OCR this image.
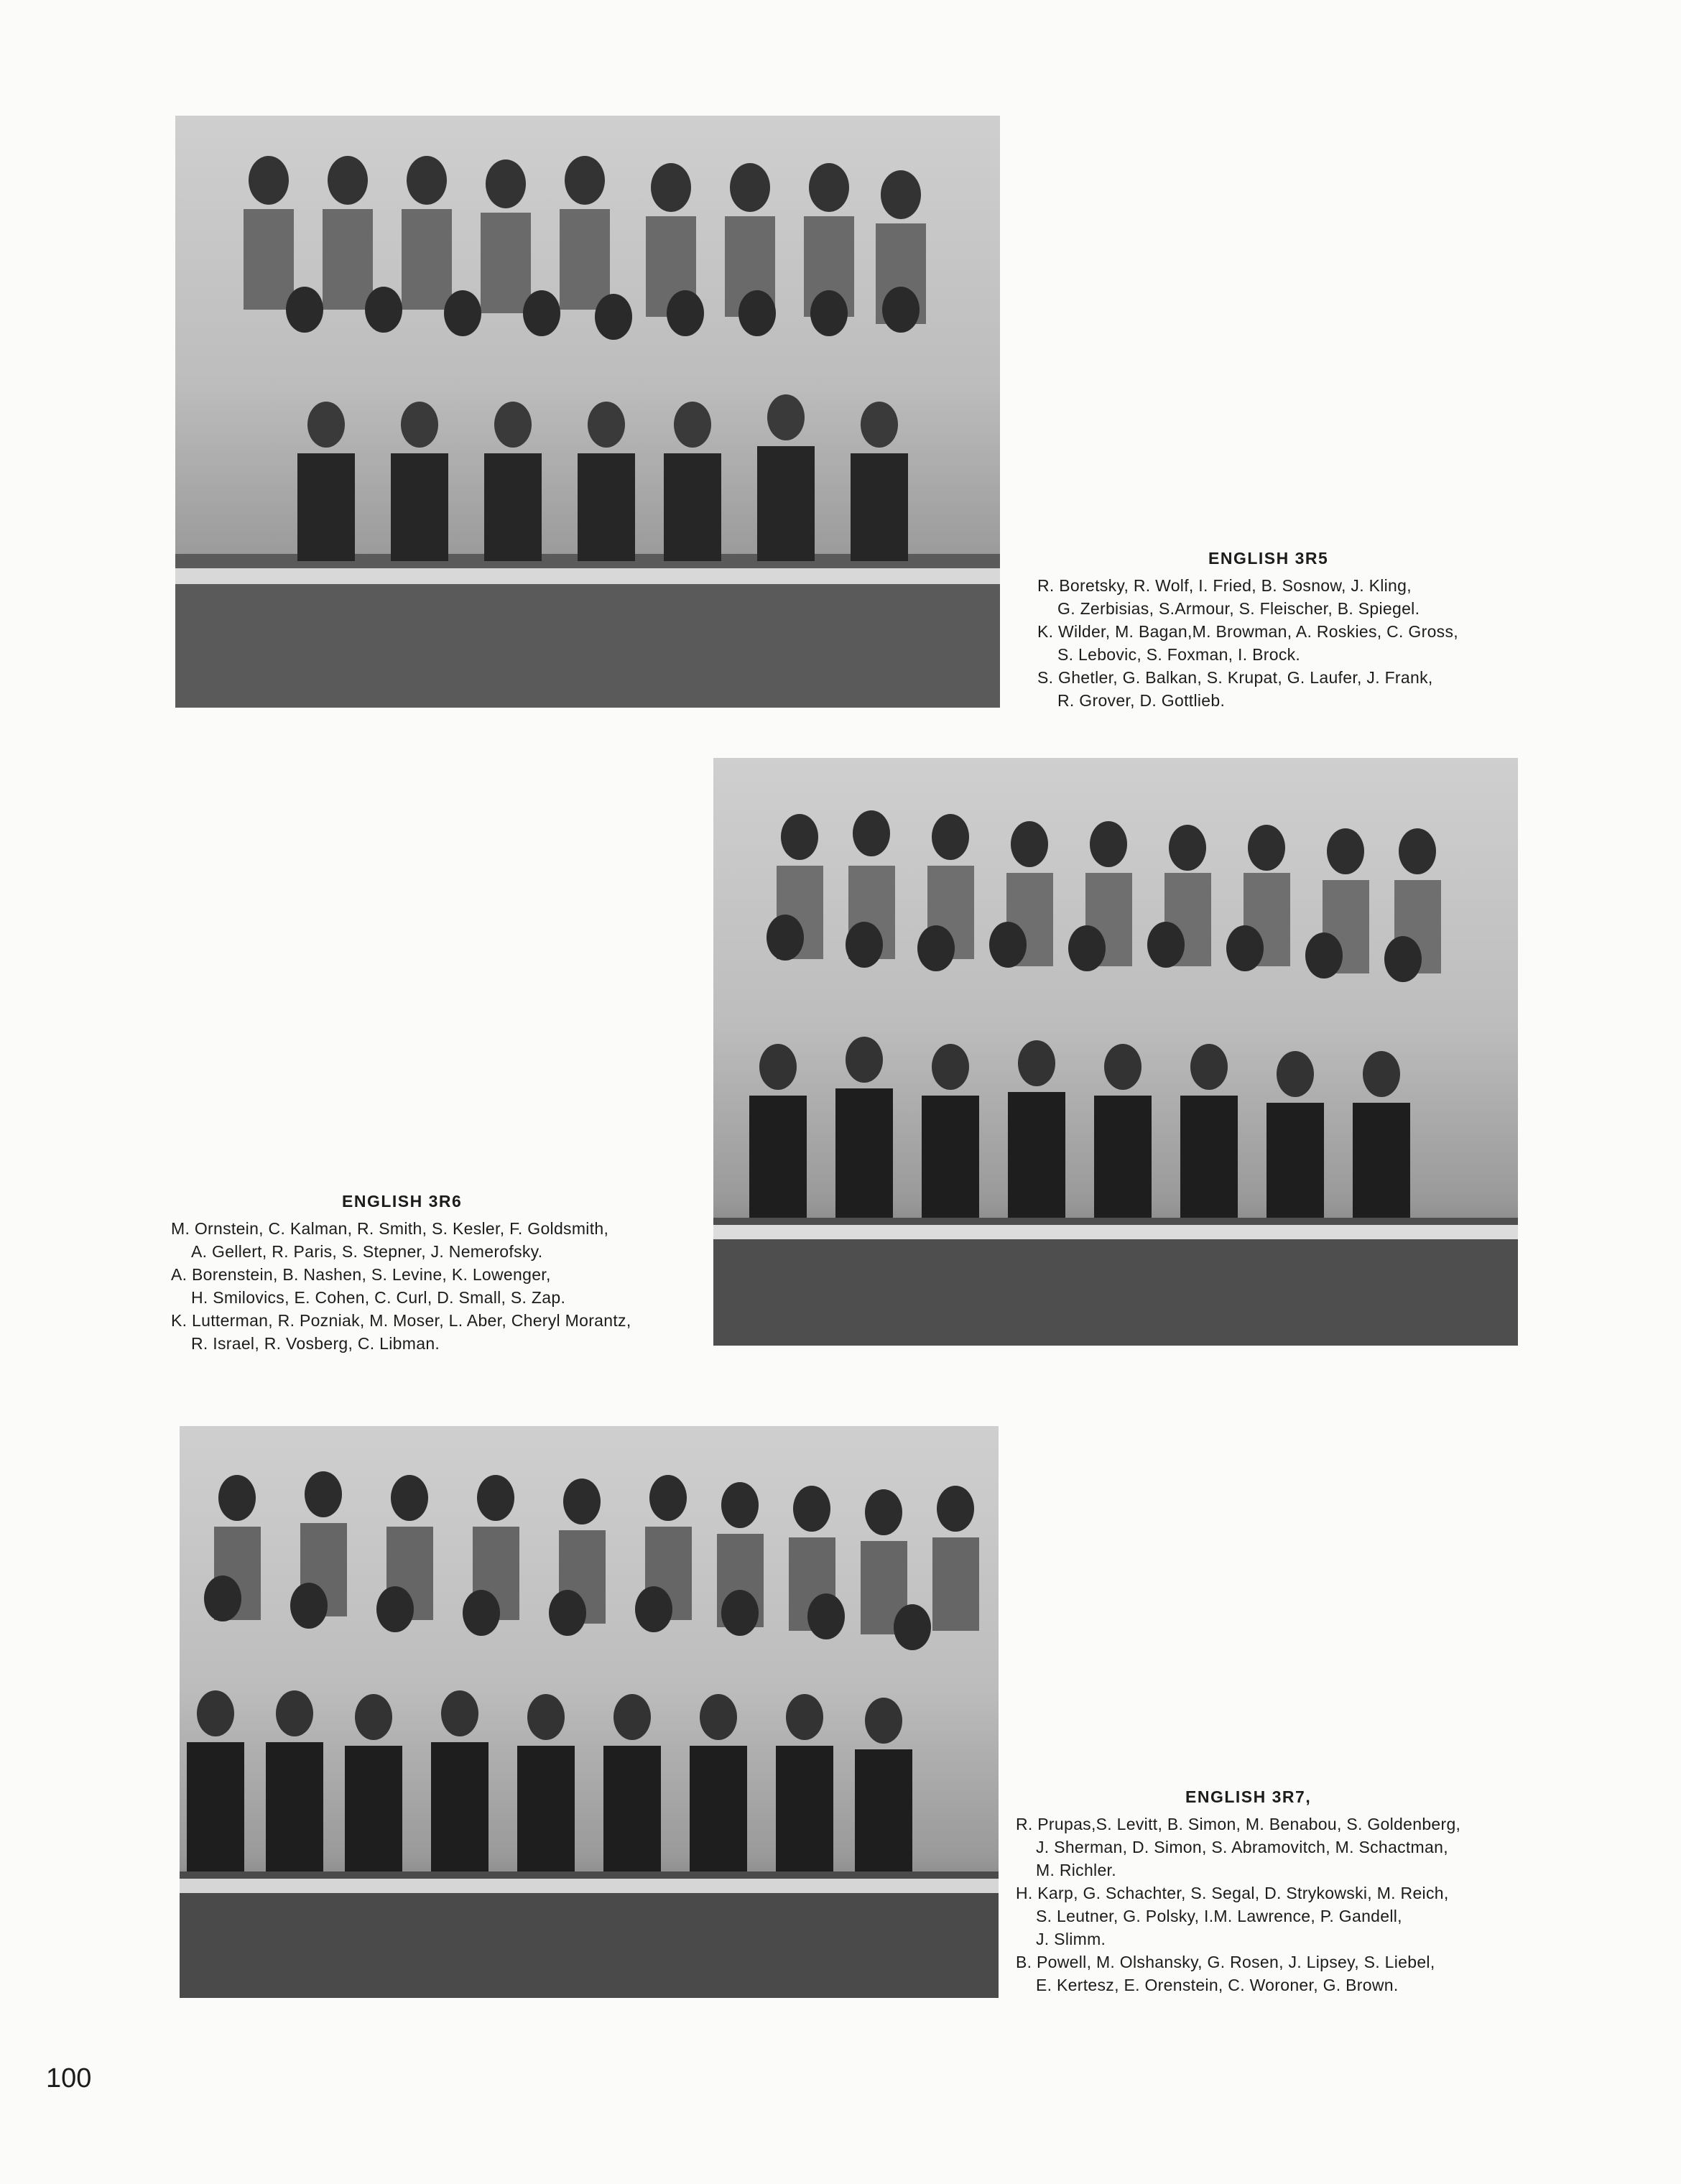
ENGLISH 3R5
R. Boretsky, R. Wolf, I. Fried, B. Sosnow, J. Kling,
G. Zerbisias, S.Armour, S. Fleischer, B. Spiegel.
K. Wilder, M. Bagan,M. Browman, A. Roskies, C. Gross,
S. Lebovic, S. Foxman, I. Brock.
S. Ghetler, G. Balkan, S. Krupat, G. Laufer, J. Frank,
R. Grover, D. Gottlieb.
ENGLISH 3R6
M. Ornstein, C. Kalman, R. Smith, S. Kesler, F. Goldsmith,
A. Gellert, R. Paris, S. Stepner, J. Nemerofsky.
A. Borenstein, B. Nashen, S. Levine, K. Lowenger,
H. Smilovics, E. Cohen, C. Curl, D. Small, S. Zap.
K. Lutterman, R. Pozniak, M. Moser, L. Aber, Cheryl Morantz,
R. Israel, R. Vosberg, C. Libman.
ENGLISH 3R7,
R. Prupas,S. Levitt, B. Simon, M. Benabou, S. Goldenberg,
J. Sherman, D. Simon, S. Abramovitch, M. Schactman,
M. Richler.
H. Karp, G. Schachter, S. Segal, D. Strykowski, M. Reich,
S. Leutner, G. Polsky, I.M. Lawrence, P. Gandell,
J. Slimm.
B. Powell, M. Olshansky, G. Rosen, J. Lipsey, S. Liebel,
E. Kertesz, E. Orenstein, C. Woroner, G. Brown.
100
